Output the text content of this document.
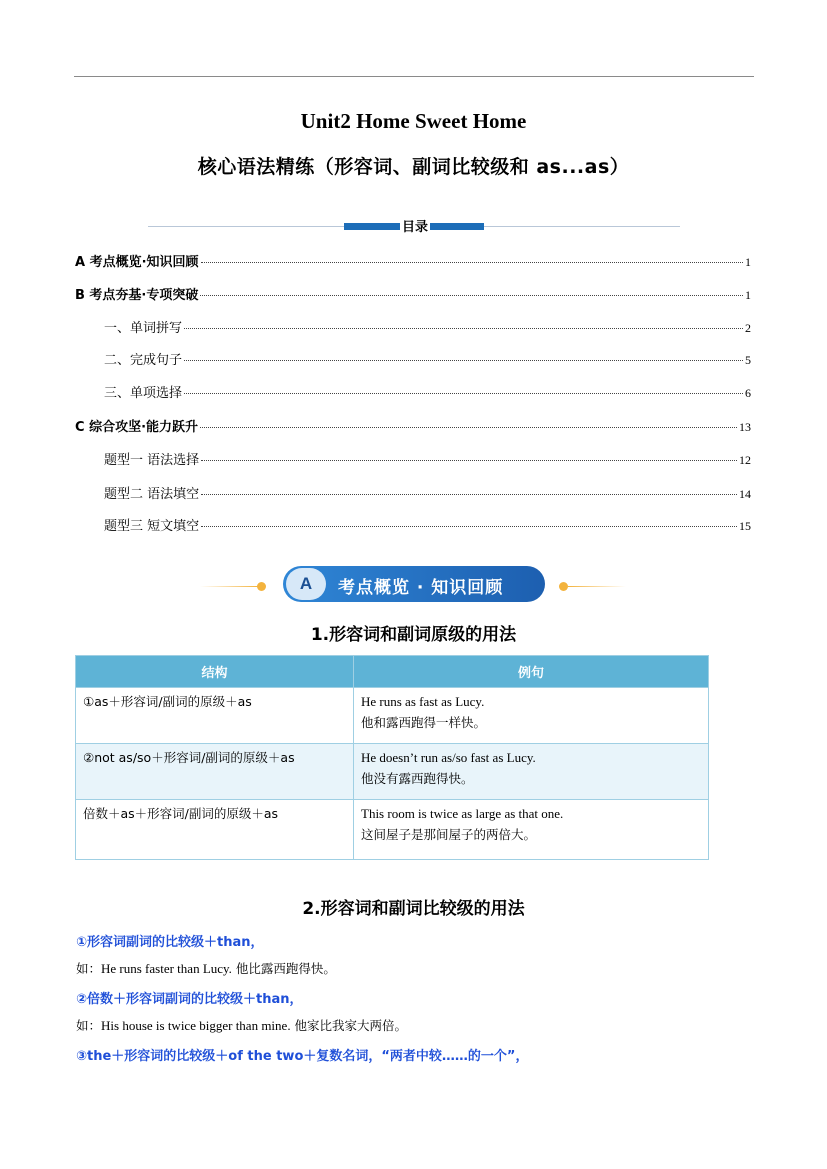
Unit2 Home Sweet Home
核心语法精练（形容词、副词比较级和 as...as）
目录
A 考点概览·知识回顾	1
B 考点夯基·专项突破	1
一、单词拼写	2
二、完成句子	5
三、单项选择	6
C 综合攻坚·能力跃升	13
题型一 语法选择	12
题型二 语法填空	14
题型三 短文填空	15
A	考点概览 · 知识回顾
1.形容词和副词原级的用法
结构	例句
①as＋形容词/副词的原级＋as	He runs as fast as Lucy.
他和露西跑得一样快。

②not as/so＋形容词/副词的原级＋as	He doesn’t run as/so fast as Lucy.
他没有露西跑得快。

倍数＋as＋形容词/副词的原级＋as	This room is twice as large as that one.
这间屋子是那间屋子的两倍大。
2.形容词和副词比较级的用法
①形容词副词的比较级＋than，
如：He runs faster than Lucy. 他比露西跑得快。
②倍数＋形容词副词的比较级＋than，
如：His house is twice bigger than mine. 他家比我家大两倍。
③the＋形容词的比较级＋of the two＋复数名词，“两者中较……的一个”，
